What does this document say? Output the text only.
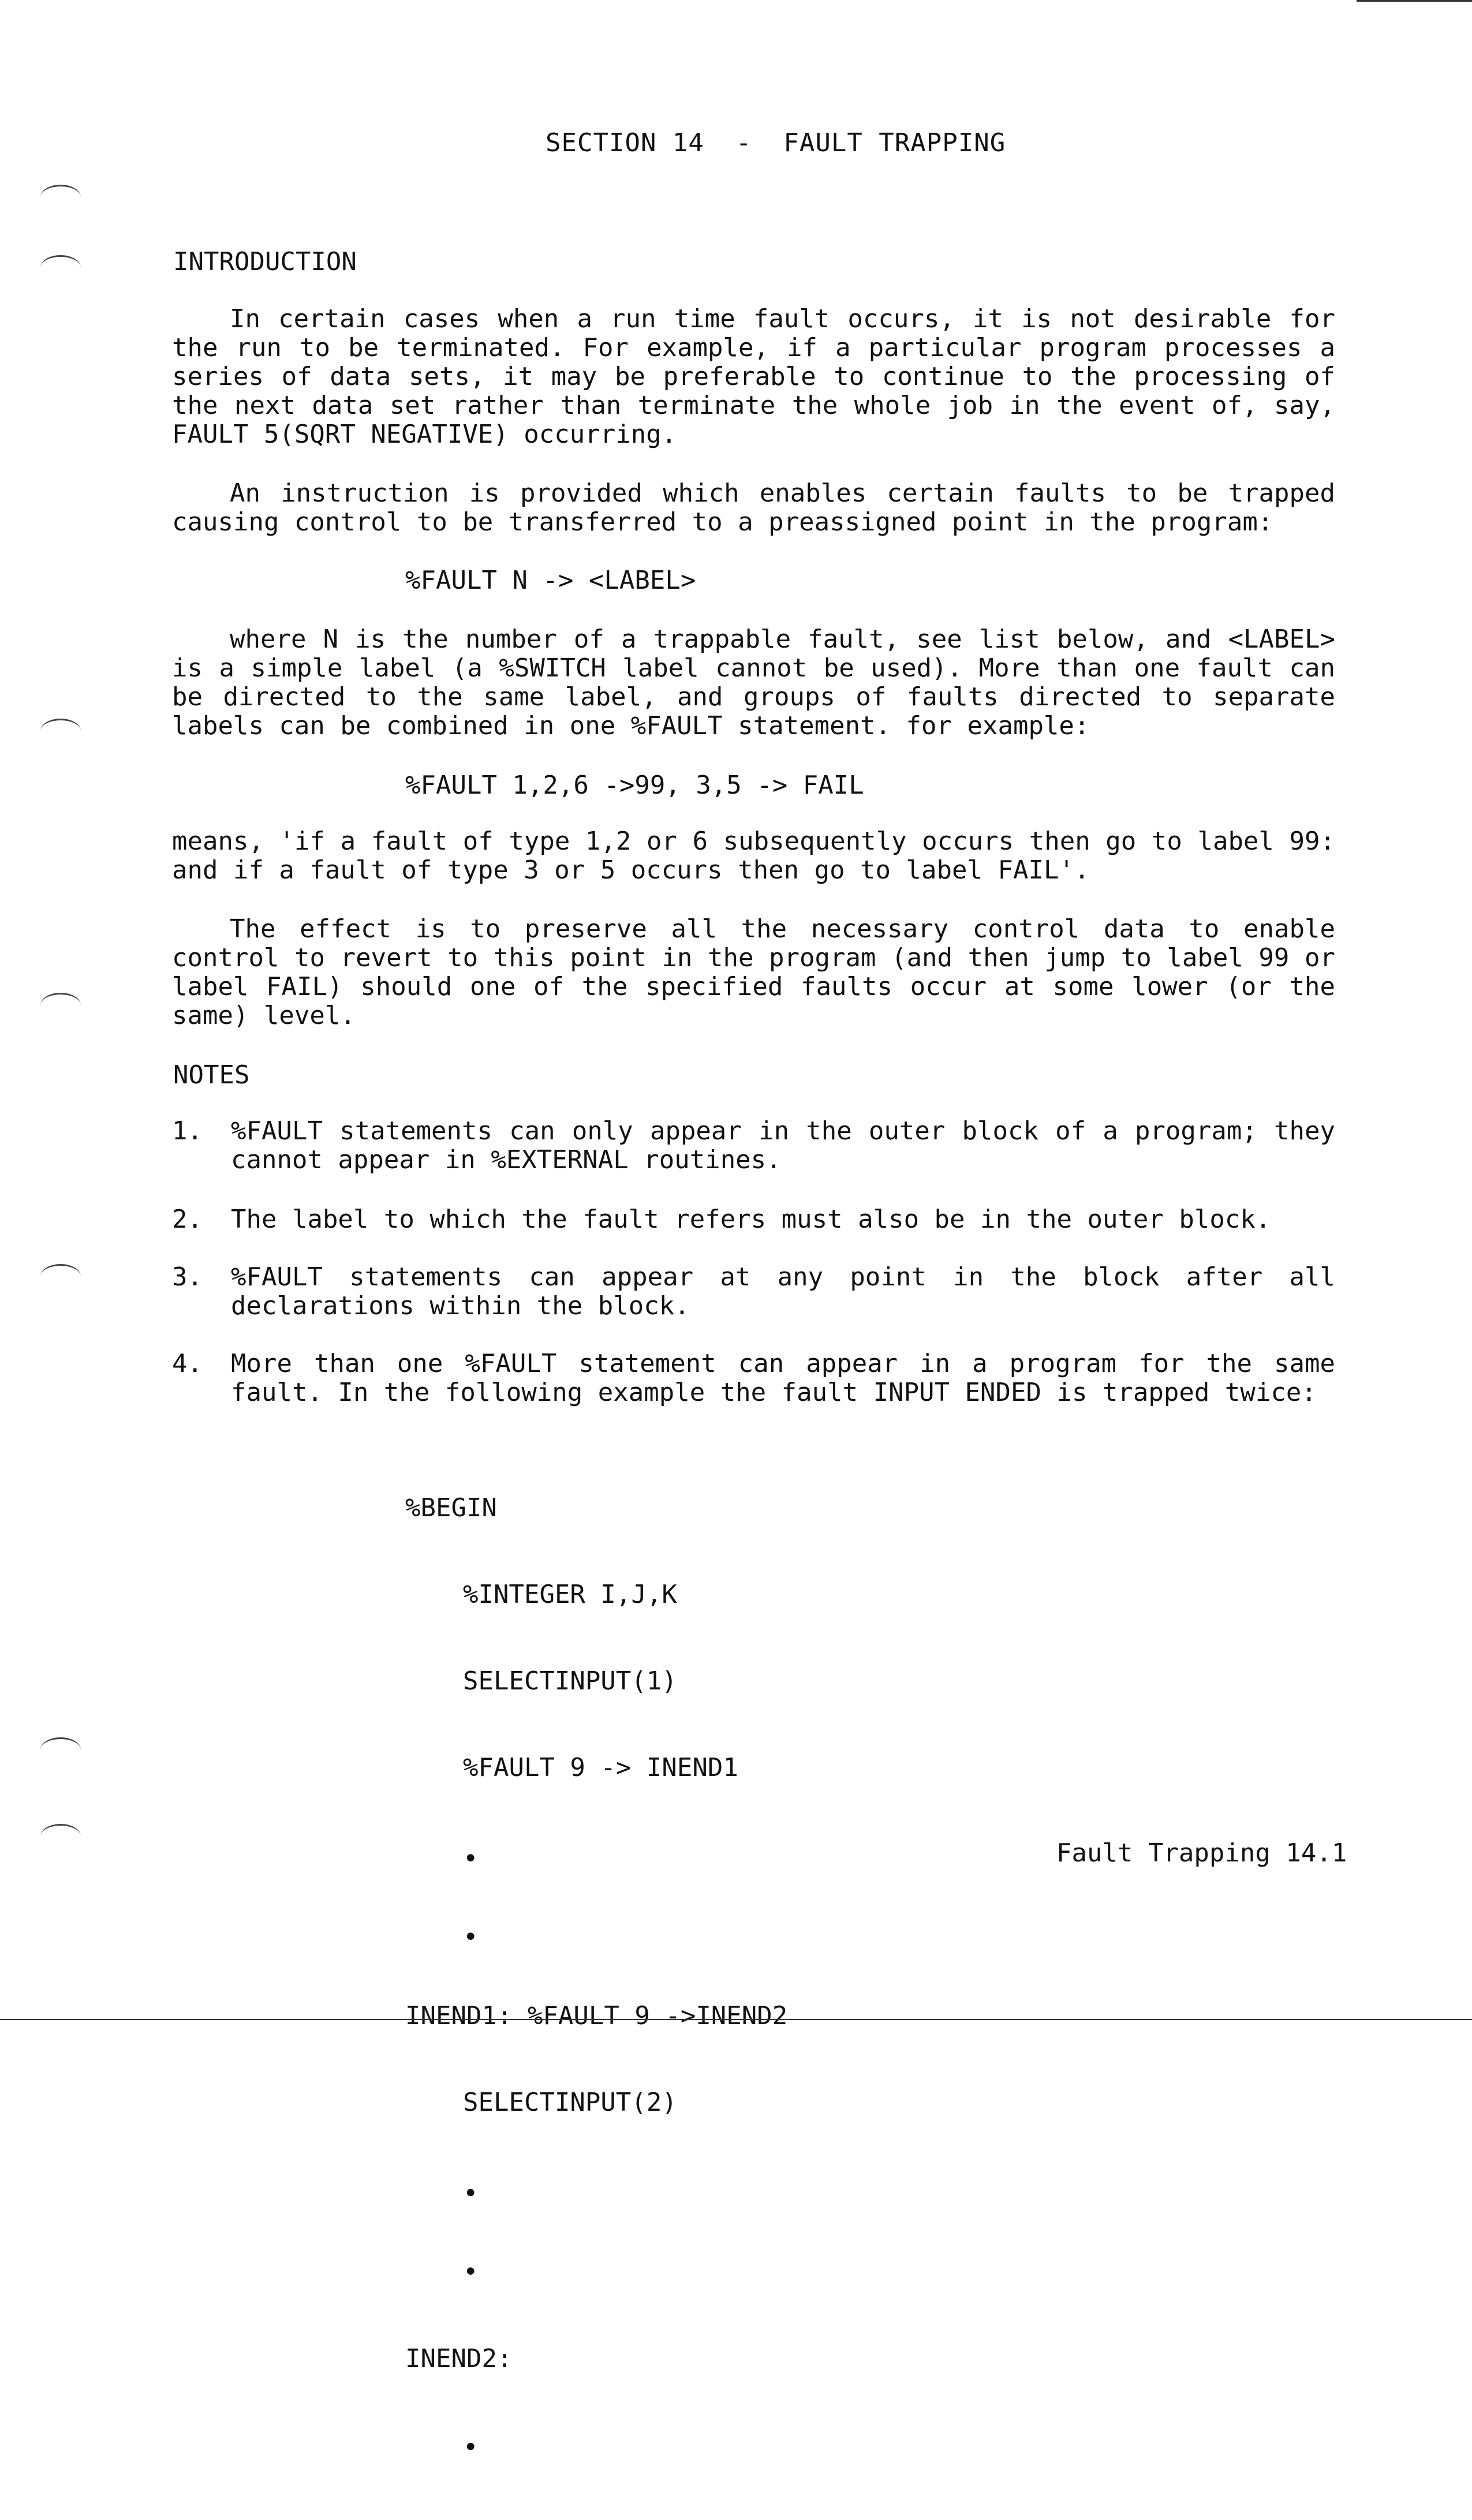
SECTION 14  -  FAULT TRAPPING
INTRODUCTION
In certain cases when a run time fault occurs, it is not desirable for the run to be terminated. For example, if a particular program processes a series of data sets, it may be preferable to continue to the processing of the next data set rather than terminate the whole job in the event of, say, FAULT 5(SQRT NEGATIVE) occurring.
An instruction is provided which enables certain faults to be trapped causing control to be transferred to a preassigned point in the program:
%FAULT N -> <LABEL>
where N is the number of a trappable fault, see list below, and <LABEL> is a simple label (a %SWITCH label cannot be used). More than one fault can be directed to the same label, and groups of faults directed to separate labels can be combined in one %FAULT statement. for example:
%FAULT 1,2,6 ->99, 3,5 -> FAIL
means, 'if a fault of type 1,2 or 6 subsequently occurs then go to label 99: and if a fault of type 3 or 5 occurs then go to label FAIL'.
The effect is to preserve all the necessary control data to enable control to revert to this point in the program (and then jump to label 99 or label FAIL) should one of the specified faults occur at some lower (or the same) level.
NOTES
1. %FAULT statements can only appear in the outer block of a program; they cannot appear in %EXTERNAL routines.
2. The label to which the fault refers must also be in the outer block.
3. %FAULT statements can appear at any point in the block after all declarations within the block.
4. More than one %FAULT statement can appear in a program for the same fault. In the following example the fault INPUT ENDED is trapped twice:

%BEGIN

%INTEGER I,J,K

SELECTINPUT(1)

%FAULT 9 -> INEND1

•

•

INEND1: %FAULT 9 ->INEND2

SELECTINPUT(2)

•

•

INEND2:

•

Fault Trapping 14.1
